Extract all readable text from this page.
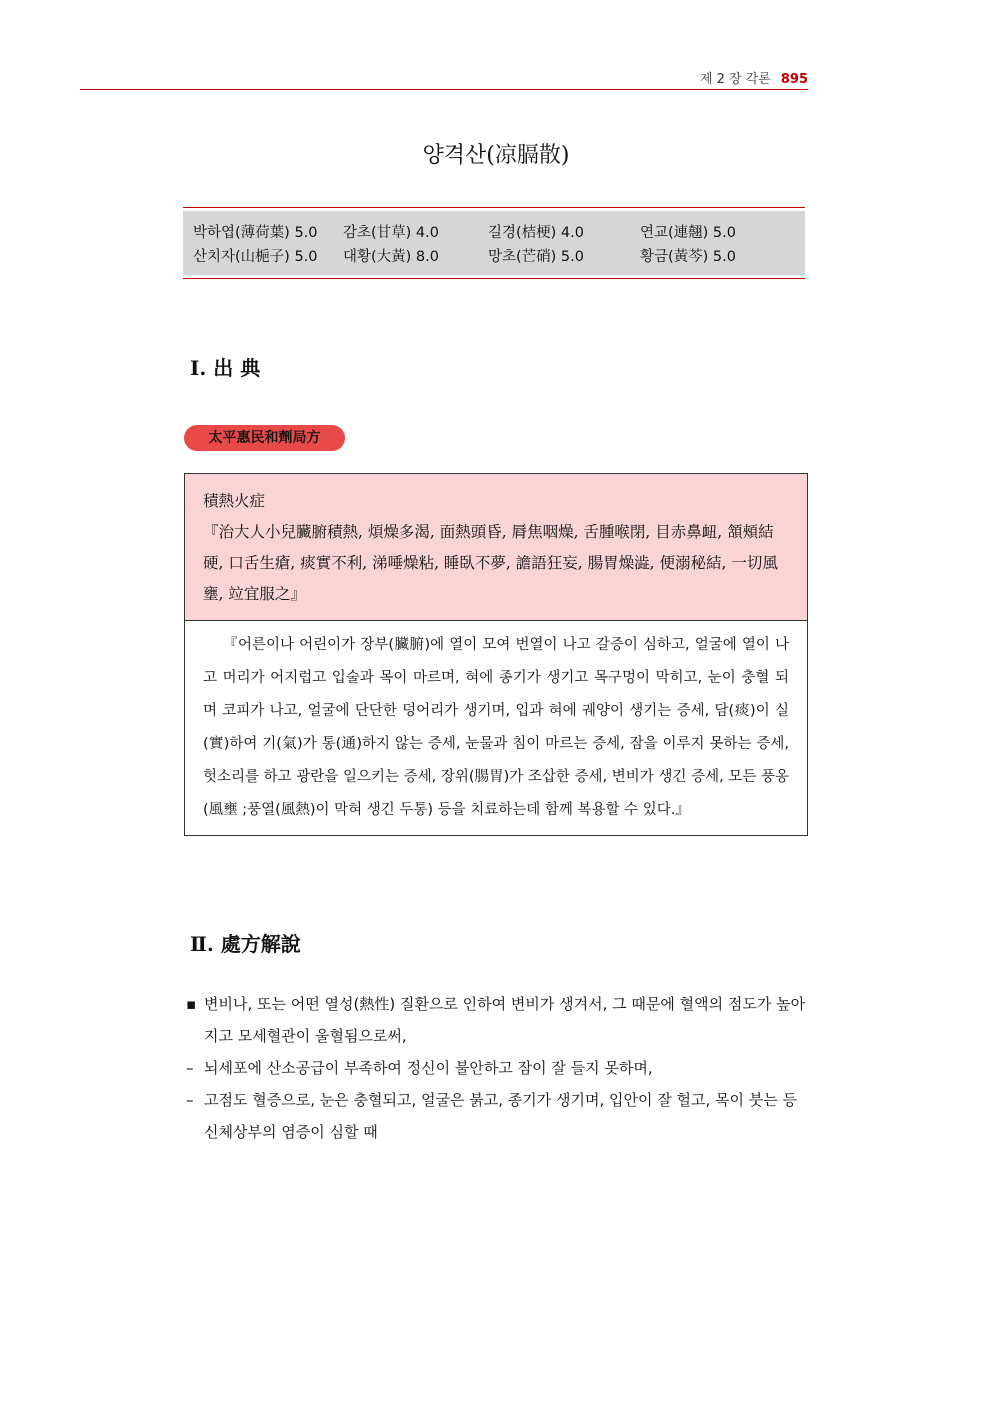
제 2 장 각론 895
양격산(凉膈散)
박하엽(薄荷葉) 5.0	감초(甘草) 4.0	길경(桔梗) 4.0	연교(連翹) 5.0
산치자(山梔子) 5.0	대황(大黃) 8.0	망초(芒硝) 5.0	황금(黃芩) 5.0
Ⅰ. 出 典
太平惠民和劑局方
積熱火症
『治大人小兒臟腑積熱, 煩燥多渴, 面熱頭昏, 脣焦咽燥, 舌腫喉閉, 目赤鼻衄, 頷頰結硬, 口舌生瘡, 痰實不利, 涕唾燥粘, 睡臥不夢, 譫語狂妄, 腸胃燥澁, 便溺秘結, 一切風壅, 竝宜服之』
『어른이나 어린이가 장부(臟腑)에 열이 모여 번열이 나고 갈증이 심하고, 얼굴에 열이 나고 머리가 어지럽고 입술과 목이 마르며, 혀에 종기가 생기고 목구멍이 막히고, 눈이 충혈 되며 코피가 나고, 얼굴에 단단한 덩어리가 생기며, 입과 혀에 궤양이 생기는 증세, 담(痰)이 실(實)하여 기(氣)가 통(通)하지 않는 증세, 눈물과 침이 마르는 증세, 잠을 이루지 못하는 증세, 헛소리를 하고 광란을 일으키는 증세, 장위(腸胃)가 조삽한 증세, 변비가 생긴 증세, 모든 풍옹(風壅 ;풍열(風熱)이 막혀 생긴 두통) 등을 치료하는데 함께 복용할 수 있다.』
Ⅱ. 處方解說
▪ 변비나, 또는 어떤 열성(熱性) 질환으로 인하여 변비가 생겨서, 그 때문에 혈액의 점도가 높아지고 모세혈관이 울혈됨으로써,
– 뇌세포에 산소공급이 부족하여 정신이 불안하고 잠이 잘 들지 못하며,
– 고점도 혈증으로, 눈은 충혈되고, 얼굴은 붉고, 종기가 생기며, 입안이 잘 헐고, 목이 붓는 등 신체상부의 염증이 심할 때
